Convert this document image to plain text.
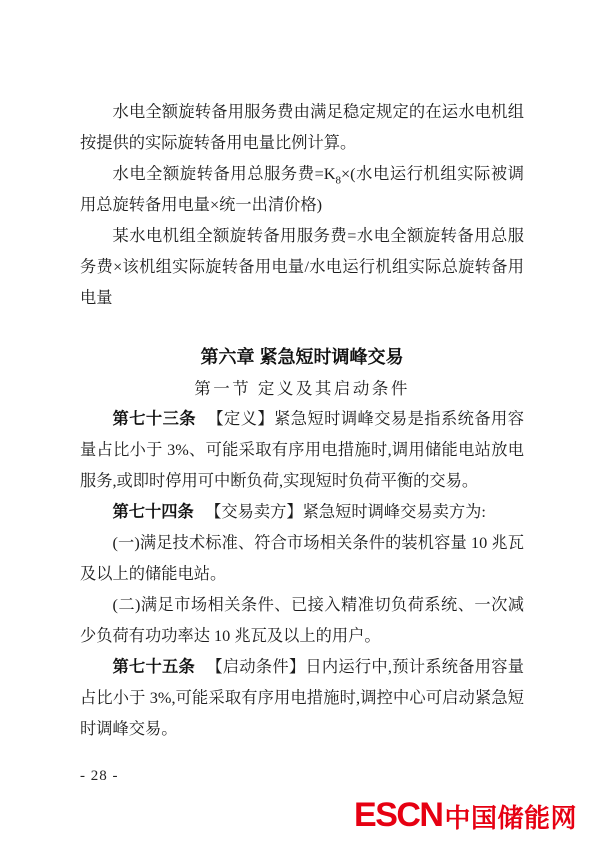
水电全额旋转备用服务费由满足稳定规定的在运水电机组按提供的实际旋转备用电量比例计算。

水电全额旋转备用总服务费$=K_8\times$(水电运行机组实际被调用总旋转备用电量×统一出清价格)

某水电机组全额旋转备用服务费=水电全额旋转备用总服务费×该机组实际旋转备用电量/水电运行机组实际总旋转备用电量

第六章 紧急短时调峰交易
第一节 定义及其启动条件

第七十三条 【定义】紧急短时调峰交易是指系统备用容量占比小于 3%、可能采取有序用电措施时,调用储能电站放电服务,或即时停用可中断负荷,实现短时负荷平衡的交易。

第七十四条 【交易卖方】紧急短时调峰交易卖方为:

(一)满足技术标准、符合市场相关条件的装机容量 10 兆瓦及以上的储能电站。

(二)满足市场相关条件、已接入精准切负荷系统、一次减少负荷有功功率达 10 兆瓦及以上的用户。

第七十五条 【启动条件】日内运行中,预计系统备用容量占比小于 3%,可能采取有序用电措施时,调控中心可启动紧急短时调峰交易。

- 28 -
ESCN 中国储能网
